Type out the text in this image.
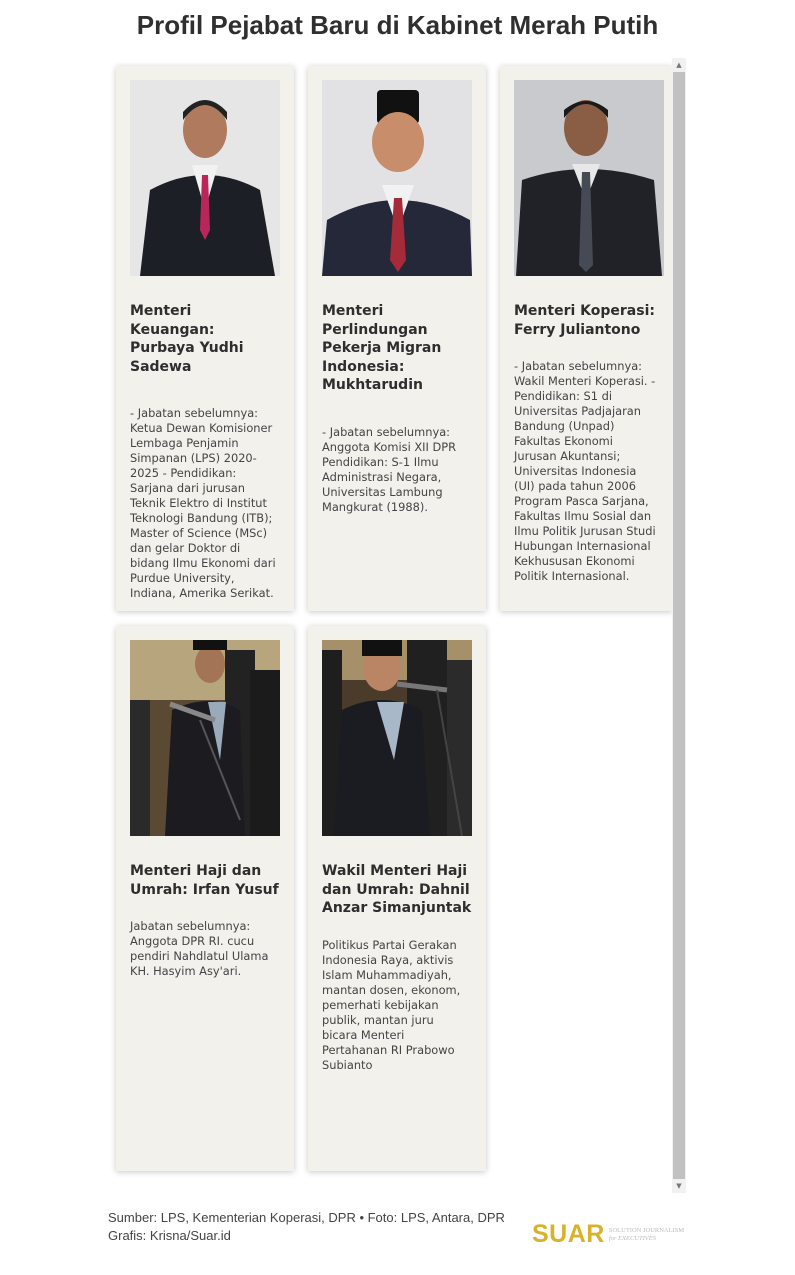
Profil Pejabat Baru di Kabinet Merah Putih
Menteri Keuangan: Purbaya Yudhi Sadewa
- Jabatan sebelumnya: Ketua Dewan Komisioner Lembaga Penjamin Simpanan (LPS) 2020-2025 - Pendidikan: Sarjana dari jurusan Teknik Elektro di Institut Teknologi Bandung (ITB); Master of Science (MSc) dan gelar Doktor di bidang Ilmu Ekonomi dari Purdue University, Indiana, Amerika Serikat.
Menteri Perlindungan Pekerja Migran Indonesia: Mukhtarudin
- Jabatan sebelumnya: Anggota Komisi XII DPR Pendidikan: S-1 Ilmu Administrasi Negara, Universitas Lambung Mangkurat (1988).
Menteri Koperasi: Ferry Juliantono
- Jabatan sebelumnya: Wakil Menteri Koperasi. - Pendidikan: S1 di Universitas Padjajaran Bandung (Unpad) Fakultas Ekonomi Jurusan Akuntansi; Universitas Indonesia (UI) pada tahun 2006 Program Pasca Sarjana, Fakultas Ilmu Sosial dan Ilmu Politik Jurusan Studi Hubungan Internasional Kekhususan Ekonomi Politik Internasional.
Menteri Haji dan Umrah: Irfan Yusuf
Jabatan sebelumnya: Anggota DPR RI. cucu pendiri Nahdlatul Ulama KH. Hasyim Asy'ari.
Wakil Menteri Haji dan Umrah: Dahnil Anzar Simanjuntak
Politikus Partai Gerakan Indonesia Raya, aktivis Islam Muhammadiyah, mantan dosen, ekonom, pemerhati kebijakan publik, mantan juru bicara Menteri Pertahanan RI Prabowo Subianto
▲
▼
Sumber: LPS, Kementerian Koperasi, DPR • Foto: LPS, Antara, DPR
Grafis: Krisna/Suar.id	SUAR SOLUTION JOURNALISM
for EXECUTIVES
